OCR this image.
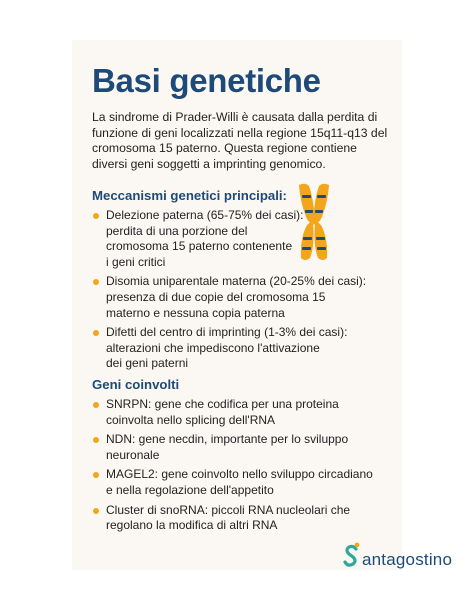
Basi genetiche
La sindrome di Prader-Willi è causata dalla perdita di funzione di geni localizzati nella regione 15q11-q13 del cromosoma 15 paterno. Questa regione contiene diversi geni soggetti a imprinting genomico.
Meccanismi genetici principali:
Delezione paterna (65-75% dei casi):
perdita di una porzione del
cromosoma 15 paterno contenente
i geni critici
Disomia uniparentale materna (20-25% dei casi):
presenza di due copie del cromosoma 15
materno e nessuna copia paterna
Difetti del centro di imprinting (1-3% dei casi):
alterazioni che impediscono l'attivazione
dei geni paterni
Geni coinvolti
SNRPN: gene che codifica per una proteina
coinvolta nello splicing dell'RNA
NDN: gene necdin, importante per lo sviluppo
neuronale
MAGEL2: gene coinvolto nello sviluppo circadiano
e nella regolazione dell'appetito
Cluster di snoRNA: piccoli RNA nucleolari che
regolano la modifica di altri RNA
antagostino
